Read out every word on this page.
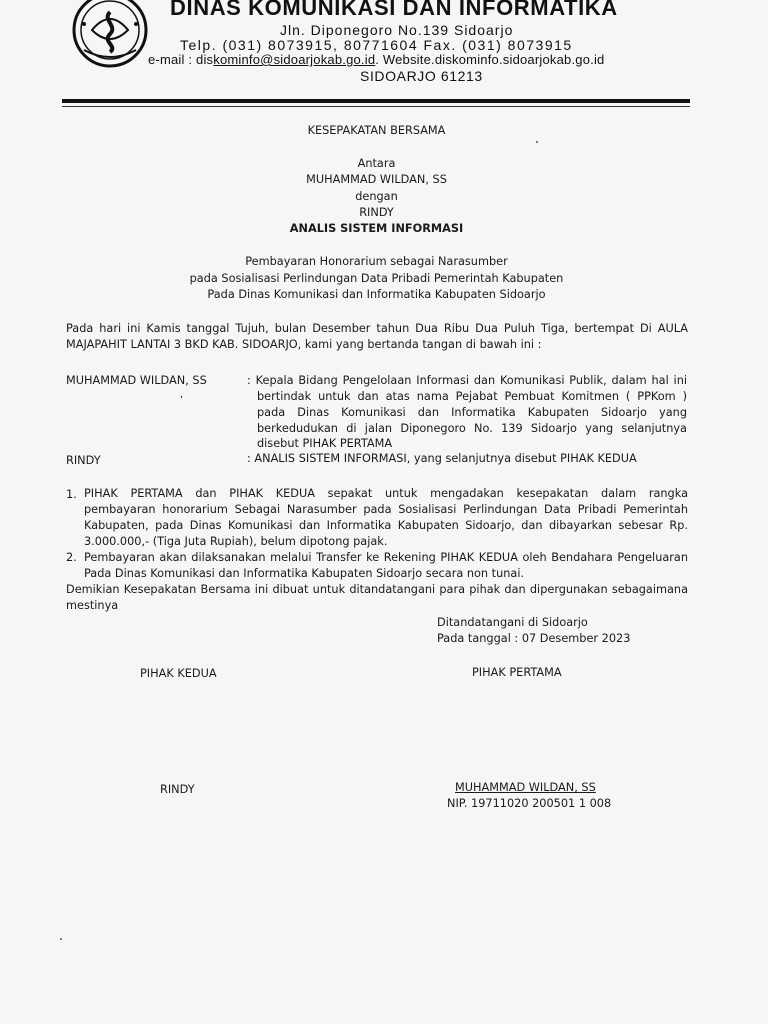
DINAS KOMUNIKASI DAN INFORMATIKA
Jln. Diponegoro No.139 Sidoarjo
Telp. (031) 8073915, 80771604 Fax. (031) 8073915
e-mail : diskominfo@sidoarjokab.go.id. Website.diskominfo.sidoarjokab.go.id
SIDOARJO 61213
KESEPAKATAN BERSAMA
Antara
MUHAMMAD WILDAN, SS
dengan
RINDY
ANALIS SISTEM INFORMASI
Pembayaran Honorarium sebagai Narasumber
pada Sosialisasi Perlindungan Data Pribadi Pemerintah Kabupaten
Pada Dinas Komunikasi dan Informatika Kabupaten Sidoarjo
Pada hari ini Kamis tanggal Tujuh, bulan Desember tahun Dua Ribu Dua Puluh Tiga, bertempat Di AULA
MAJAPAHIT LANTAI 3 BKD KAB. SIDOARJO, kami yang bertanda tangan di bawah ini :
MUHAMMAD WILDAN, SS	: Kepala Bidang Pengelolaan Informasi dan Komunikasi Publik, dalam hal ini
bertindak untuk dan atas nama Pejabat Pembuat Komitmen ( PPKom )
pada Dinas Komunikasi dan Informatika Kabupaten Sidoarjo yang
berkedudukan di jalan Diponegoro No. 139 Sidoarjo yang selanjutnya
disebut PIHAK PERTAMA
ʻ
RINDY	: ANALIS SISTEM INFORMASI, yang selanjutnya disebut PIHAK KEDUA
1. PIHAK PERTAMA dan PIHAK KEDUA sepakat untuk mengadakan kesepakatan dalam rangka
pembayaran honorarium Sebagai Narasumber pada Sosialisasi Perlindungan Data Pribadi Pemerintah
Kabupaten, pada Dinas Komunikasi dan Informatika Kabupaten Sidoarjo, dan dibayarkan sebesar Rp.
3.000.000,- (Tiga Juta Rupiah), belum dipotong pajak.
2. Pembayaran akan dilaksanakan melalui Transfer ke Rekening PIHAK KEDUA oleh Bendahara Pengeluaran
Pada Dinas Komunikasi dan Informatika Kabupaten Sidoarjo secara non tunai.
Demikian Kesepakatan Bersama ini dibuat untuk ditandatangani para pihak dan dipergunakan sebagaimana
mestinya
Ditandatangani di Sidoarjo
Pada tanggal : 07 Desember 2023
PIHAK KEDUA	PIHAK PERTAMA
RINDY	MUHAMMAD WILDAN, SS
NIP. 19711020 200501 1 008
